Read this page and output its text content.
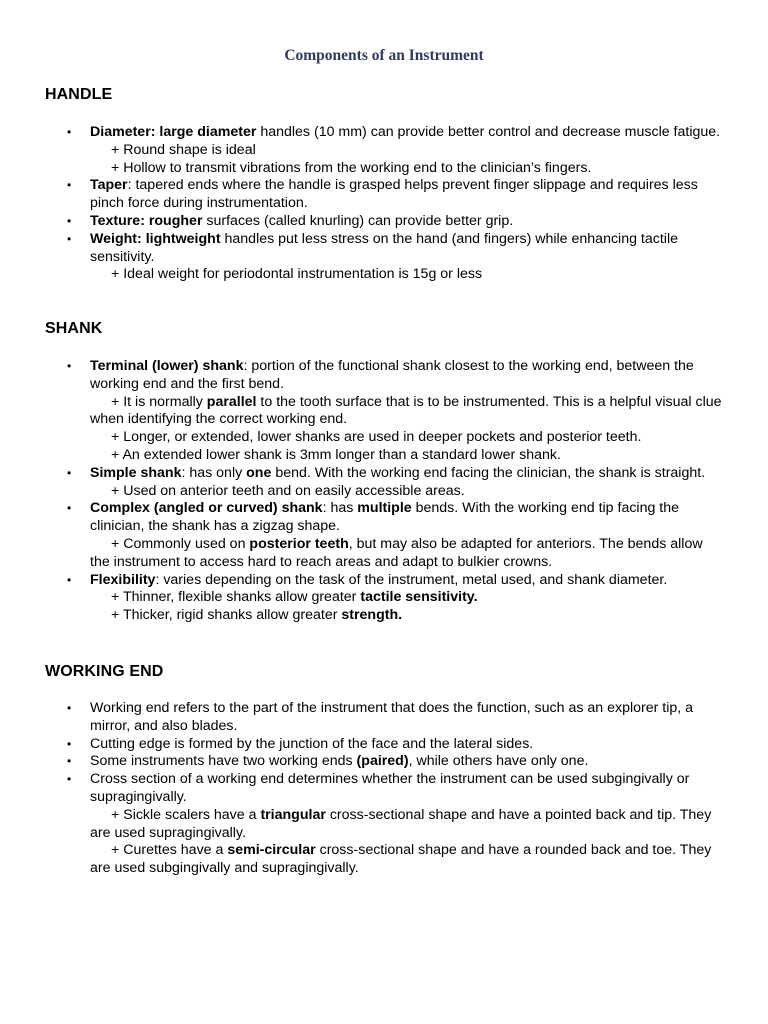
Components of an Instrument
HANDLE
• Diameter: large diameter handles (10 mm) can provide better control and decrease muscle fatigue.
+ Round shape is ideal
+ Hollow to transmit vibrations from the working end to the clinician’s fingers.
• Taper: tapered ends where the handle is grasped helps prevent finger slippage and requires less pinch force during instrumentation.
• Texture: rougher surfaces (called knurling) can provide better grip.
• Weight: lightweight handles put less stress on the hand (and fingers) while enhancing tactile sensitivity.
+ Ideal weight for periodontal instrumentation is 15g or less
SHANK
• Terminal (lower) shank: portion of the functional shank closest to the working end, between the working end and the first bend.
+ It is normally parallel to the tooth surface that is to be instrumented. This is a helpful visual clue when identifying the correct working end.
+ Longer, or extended, lower shanks are used in deeper pockets and posterior teeth.
+ An extended lower shank is 3mm longer than a standard lower shank.
• Simple shank: has only one bend. With the working end facing the clinician, the shank is straight.
+ Used on anterior teeth and on easily accessible areas.
• Complex (angled or curved) shank: has multiple bends. With the working end tip facing the clinician, the shank has a zigzag shape.
+ Commonly used on posterior teeth, but may also be adapted for anteriors. The bends allow the instrument to access hard to reach areas and adapt to bulkier crowns.
• Flexibility: varies depending on the task of the instrument, metal used, and shank diameter.
+ Thinner, flexible shanks allow greater tactile sensitivity.
+ Thicker, rigid shanks allow greater strength.
WORKING END
• Working end refers to the part of the instrument that does the function, such as an explorer tip, a mirror, and also blades.
• Cutting edge is formed by the junction of the face and the lateral sides.
• Some instruments have two working ends (paired), while others have only one.
• Cross section of a working end determines whether the instrument can be used subgingivally or supragingivally.
+ Sickle scalers have a triangular cross-sectional shape and have a pointed back and tip. They are used supragingivally.
+ Curettes have a semi-circular cross-sectional shape and have a rounded back and toe. They are used subgingivally and supragingivally.
